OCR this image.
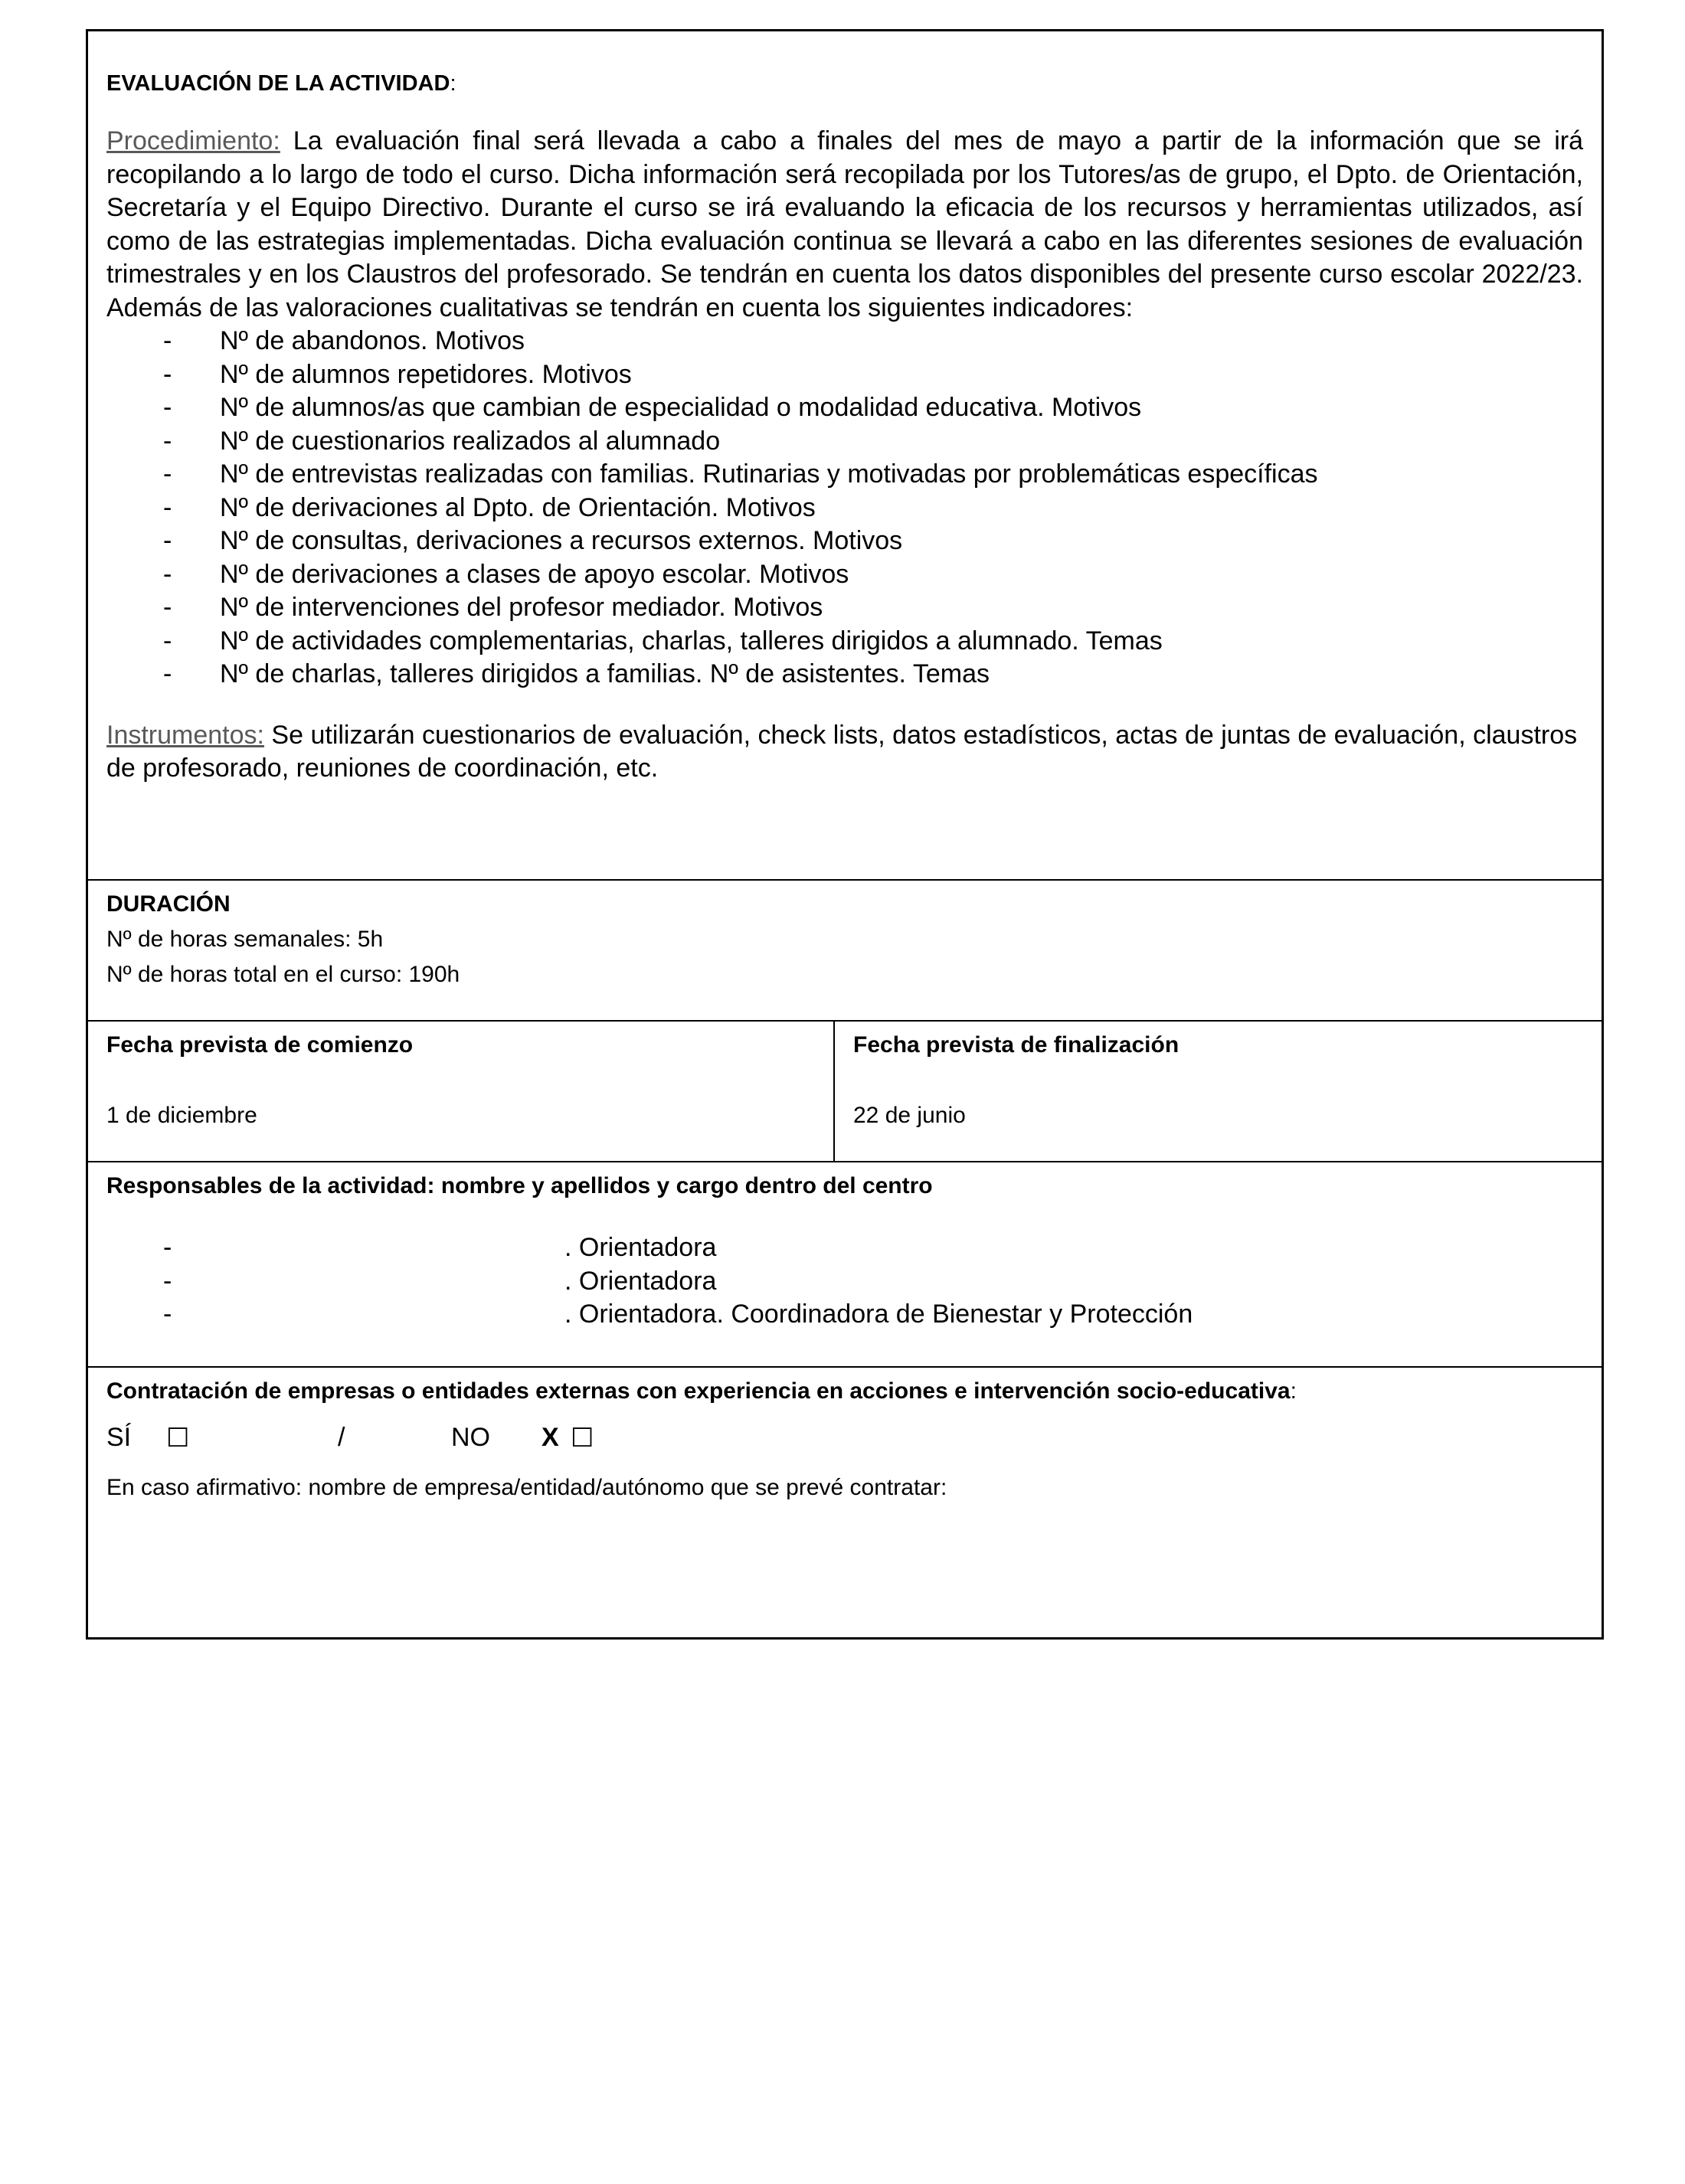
EVALUACIÓN DE LA ACTIVIDAD:
Procedimiento: La evaluación final será llevada a cabo a finales del mes de mayo a partir de la información que se irá recopilando a lo largo de todo el curso. Dicha información será recopilada por los Tutores/as de grupo, el Dpto. de Orientación, Secretaría y el Equipo Directivo. Durante el curso se irá evaluando la eficacia de los recursos y herramientas utilizados, así como de las estrategias implementadas. Dicha evaluación continua se llevará a cabo en las diferentes sesiones de evaluación trimestrales y en los Claustros del profesorado. Se tendrán en cuenta los datos disponibles del presente curso escolar 2022/23. Además de las valoraciones cualitativas se tendrán en cuenta los siguientes indicadores:
- Nº de abandonos. Motivos
- Nº de alumnos repetidores. Motivos
- Nº de alumnos/as que cambian de especialidad o modalidad educativa. Motivos
- Nº de cuestionarios realizados al alumnado
- Nº de entrevistas realizadas con familias. Rutinarias y motivadas por problemáticas específicas
- Nº de derivaciones al Dpto. de Orientación. Motivos
- Nº de consultas, derivaciones a recursos externos. Motivos
- Nº de derivaciones a clases de apoyo escolar. Motivos
- Nº de intervenciones del profesor mediador. Motivos
- Nº de actividades complementarias, charlas, talleres dirigidos a alumnado. Temas
- Nº de charlas, talleres dirigidos a familias. Nº de asistentes. Temas
Instrumentos: Se utilizarán cuestionarios de evaluación, check lists, datos estadísticos, actas de juntas de evaluación, claustros de profesorado, reuniones de coordinación, etc.
DURACIÓN
Nº de horas semanales: 5h
Nº de horas total en el curso: 190h
Fecha prevista de comienzo
1 de diciembre
Fecha prevista de finalización
22 de junio
Responsables de la actividad: nombre y apellidos y cargo dentro del centro
-	. Orientadora
-	. Orientadora
-	. Orientadora. Coordinadora de Bienestar y Protección
Contratación de empresas o entidades externas con experiencia en acciones e intervención socio-educativa:
SÍ ☐	/	NO X ☐
En caso afirmativo: nombre de empresa/entidad/autónomo que se prevé contratar:
